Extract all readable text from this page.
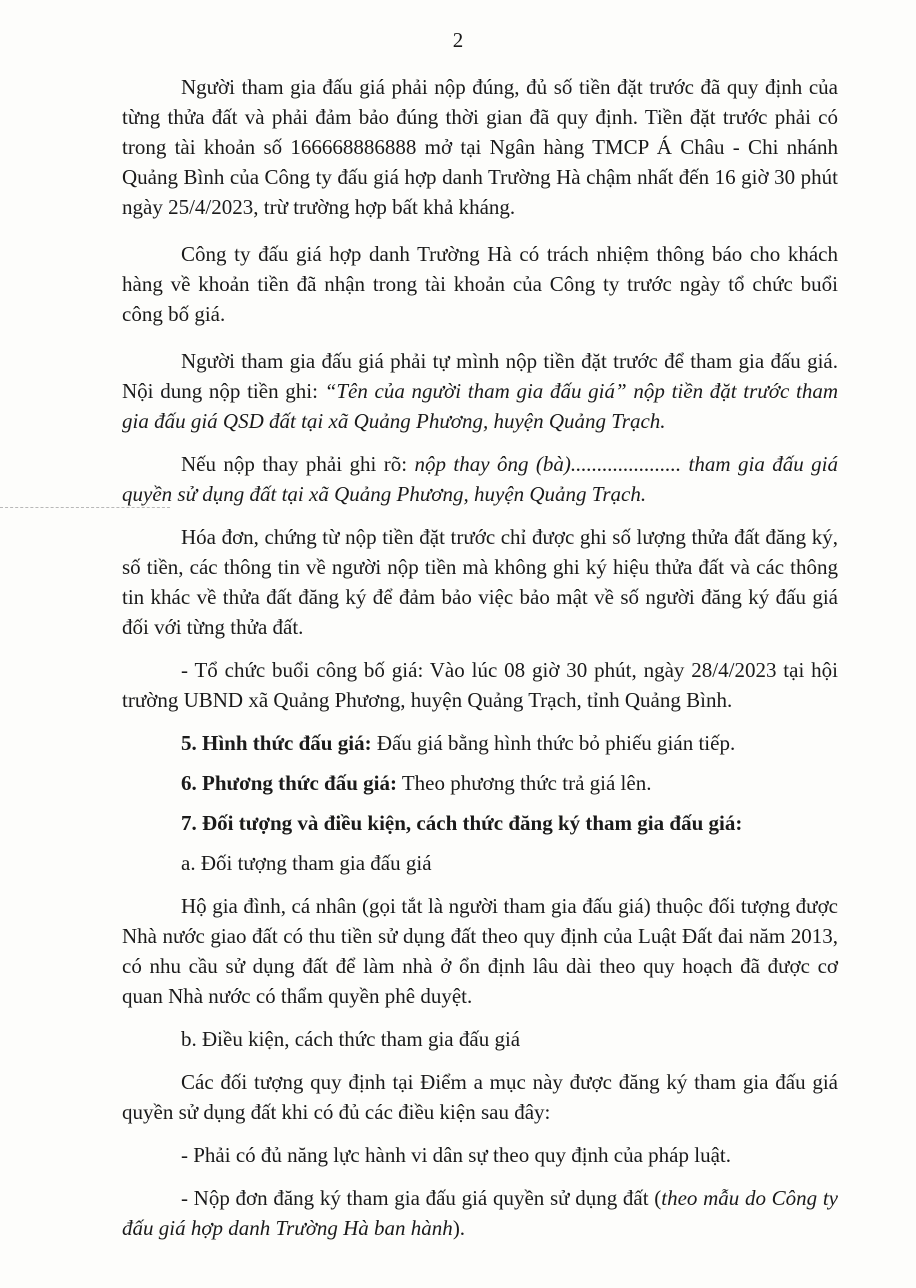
2

Người tham gia đấu giá phải nộp đúng, đủ số tiền đặt trước đã quy định của từng thửa đất và phải đảm bảo đúng thời gian đã quy định. Tiền đặt trước phải có trong tài khoản số 166668886888 mở tại Ngân hàng TMCP Á Châu - Chi nhánh Quảng Bình của Công ty đấu giá hợp danh Trường Hà chậm nhất đến 16 giờ 30 phút ngày 25/4/2023, trừ trường hợp bất khả kháng.

Công ty đấu giá hợp danh Trường Hà có trách nhiệm thông báo cho khách hàng về khoản tiền đã nhận trong tài khoản của Công ty trước ngày tổ chức buổi công bố giá.

Người tham gia đấu giá phải tự mình nộp tiền đặt trước để tham gia đấu giá. Nội dung nộp tiền ghi: “Tên của người tham gia đấu giá” nộp tiền đặt trước tham gia đấu giá QSD đất tại xã Quảng Phương, huyện Quảng Trạch.

Nếu nộp thay phải ghi rõ: nộp thay ông (bà)..................... tham gia đấu giá quyền sử dụng đất tại xã Quảng Phương, huyện Quảng Trạch.

Hóa đơn, chứng từ nộp tiền đặt trước chỉ được ghi số lượng thửa đất đăng ký, số tiền, các thông tin về người nộp tiền mà không ghi ký hiệu thửa đất và các thông tin khác về thửa đất đăng ký để đảm bảo việc bảo mật về số người đăng ký đấu giá đối với từng thửa đất.

- Tổ chức buổi công bố giá: Vào lúc 08 giờ 30 phút, ngày 28/4/2023 tại hội trường UBND xã Quảng Phương, huyện Quảng Trạch, tỉnh Quảng Bình.

5. Hình thức đấu giá: Đấu giá bằng hình thức bỏ phiếu gián tiếp.

6. Phương thức đấu giá: Theo phương thức trả giá lên.

7. Đối tượng và điều kiện, cách thức đăng ký tham gia đấu giá:

a. Đối tượng tham gia đấu giá

Hộ gia đình, cá nhân (gọi tắt là người tham gia đấu giá) thuộc đối tượng được Nhà nước giao đất có thu tiền sử dụng đất theo quy định của Luật Đất đai năm 2013, có nhu cầu sử dụng đất để làm nhà ở ổn định lâu dài theo quy hoạch đã được cơ quan Nhà nước có thẩm quyền phê duyệt.

b. Điều kiện, cách thức tham gia đấu giá

Các đối tượng quy định tại Điểm a mục này được đăng ký tham gia đấu giá quyền sử dụng đất khi có đủ các điều kiện sau đây:

- Phải có đủ năng lực hành vi dân sự theo quy định của pháp luật.

- Nộp đơn đăng ký tham gia đấu giá quyền sử dụng đất (theo mẫu do Công ty đấu giá hợp danh Trường Hà ban hành).
